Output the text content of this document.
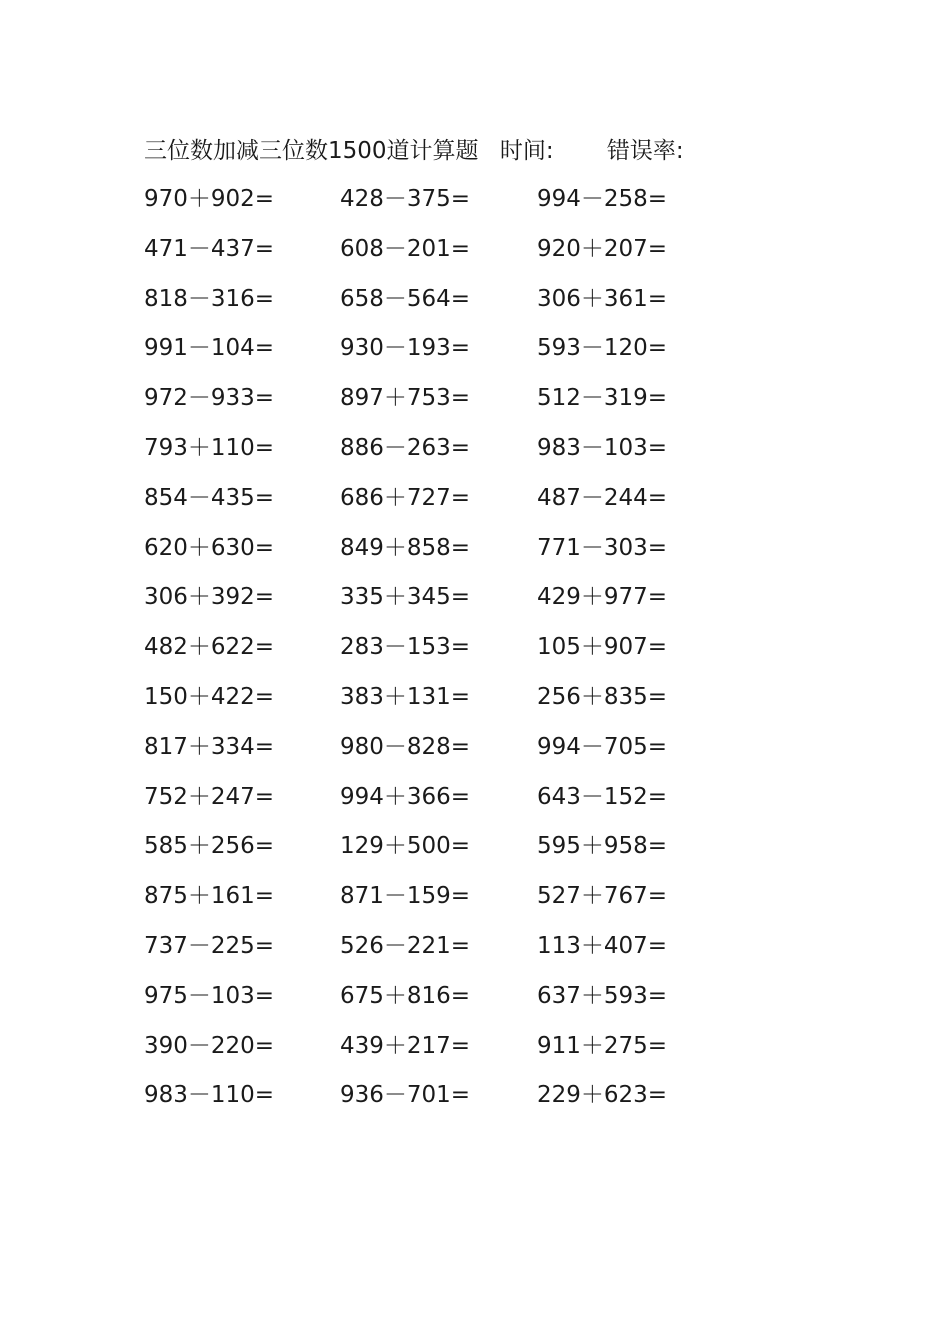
三位数加减三位数1500道计算题 时间: 错误率:
970＋902=	428－375=	994－258=
471－437=	608－201=	920＋207=
818－316=	658－564=	306＋361=
991－104=	930－193=	593－120=
972－933=	897＋753=	512－319=
793＋110=	886－263=	983－103=
854－435=	686＋727=	487－244=
620＋630=	849＋858=	771－303=
306＋392=	335＋345=	429＋977=
482＋622=	283－153=	105＋907=
150＋422=	383＋131=	256＋835=
817＋334=	980－828=	994－705=
752＋247=	994＋366=	643－152=
585＋256=	129＋500=	595＋958=
875＋161=	871－159=	527＋767=
737－225=	526－221=	113＋407=
975－103=	675＋816=	637＋593=
390－220=	439＋217=	911＋275=
983－110=	936－701=	229＋623=
